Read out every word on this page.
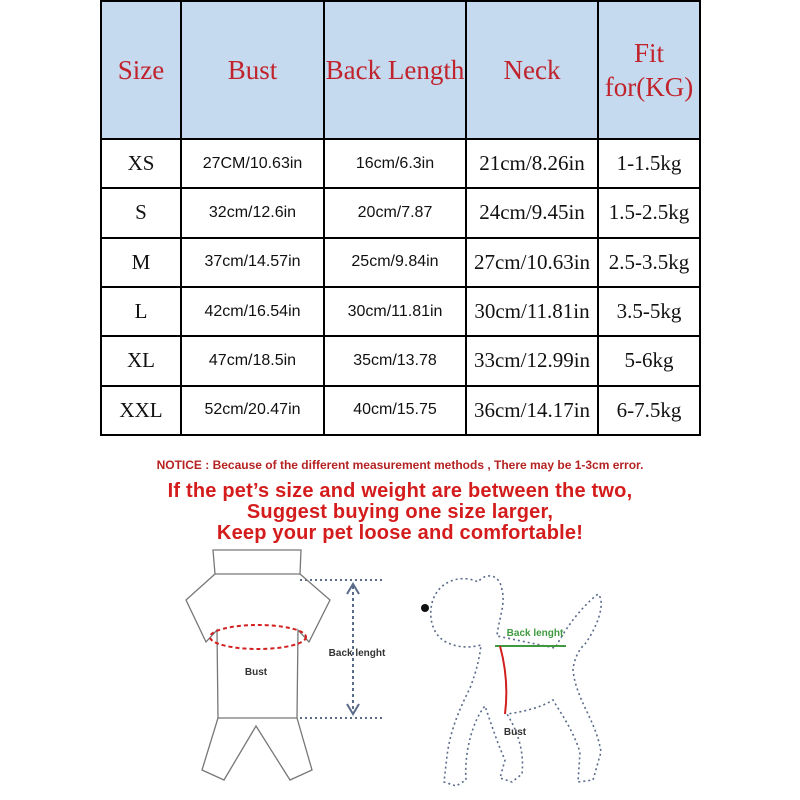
Size	Bust	Back Length	Neck	Fit for(KG)
XS	27CM/10.63in	16cm/6.3in	21cm/8.26in	1-1.5kg
S	32cm/12.6in	20cm/7.87	24cm/9.45in	1.5-2.5kg
M	37cm/14.57in	25cm/9.84in	27cm/10.63in	2.5-3.5kg
L	42cm/16.54in	30cm/11.81in	30cm/11.81in	3.5-5kg
XL	47cm/18.5in	35cm/13.78	33cm/12.99in	5-6kg
XXL	52cm/20.47in	40cm/15.75	36cm/14.17in	6-7.5kg
NOTICE : Because of the different measurement methods , There may be 1-3cm error.
If the pet’s size and weight are between the two,
Suggest buying one size larger,
Keep your pet loose and comfortable!
Bust
Back lenght
Back lenght
Bust
